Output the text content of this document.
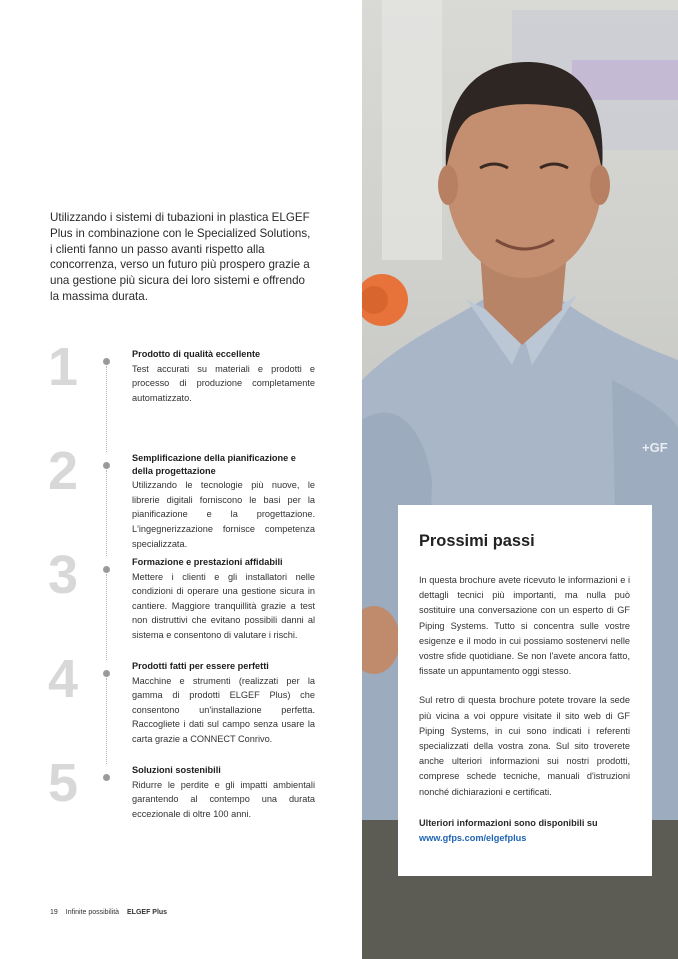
+GF

Utilizzando i sistemi di tubazioni in plastica ELGEF Plus in combinazione con le Specialized Solutions, i clienti fanno un passo avanti rispetto alla concorrenza, verso un futuro più prospero grazie a una gestione più sicura dei loro sistemi e offrendo la massima durata.

1	Prodotto di qualità eccellente

Test accurati su materiali e prodotti e processo di produzione completamente automatizzato.

2	Semplificazione della pianificazione e della progettazione

Utilizzando le tecnologie più nuove, le librerie digitali forniscono le basi per la pianificazione e la progettazione. L'ingegnerizzazione fornisce competenza specializzata.

3	Formazione e prestazioni affidabili

Mettere i clienti e gli installatori nelle condizioni di operare una gestione sicura in cantiere. Maggiore tranquillità grazie a test non distruttivi che evitano possibili danni al sistema e consentono di valutare i rischi.

4	Prodotti fatti per essere perfetti

Macchine e strumenti (realizzati per la gamma di prodotti ELGEF Plus) che consentono un'installazione perfetta. Raccogliete i dati sul campo senza usare la carta grazie a CONNECT Conrivo.

5	Soluzioni sostenibili

Ridurre le perdite e gli impatti ambientali garantendo al contempo una durata eccezionale di oltre 100 anni.

Prossimi passi

In questa brochure avete ricevuto le informazioni e i dettagli tecnici più importanti, ma nulla può sostituire una conversazione con un esperto di GF Piping Systems. Tutto si concentra sulle vostre esigenze e il modo in cui possiamo sostenervi nelle vostre sfide quotidiane. Se non l'avete ancora fatto, fissate un appuntamento oggi stesso.

Sul retro di questa brochure potete trovare la sede più vicina a voi oppure visitate il sito web di GF Piping Systems, in cui sono indicati i referenti specializzati della vostra zona. Sul sito troverete anche ulteriori informazioni sui nostri prodotti, comprese schede tecniche, manuali d'istruzioni nonché dichiarazioni e certificati.

Ulteriori informazioni sono disponibili su

www.gfps.com/elgefplus
19 Infinite possibilità ELGEF Plus
